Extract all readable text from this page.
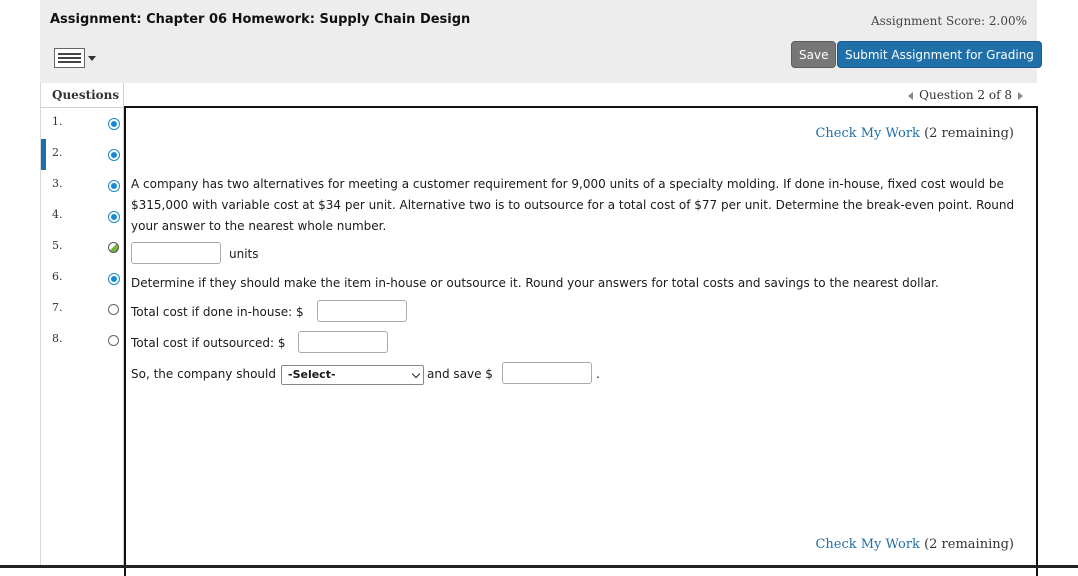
Assignment: Chapter 06 Homework: Supply Chain Design	Assignment Score: 2.00%
Save	Submit Assignment for Grading
Questions
1.
2.
3.
4.
5.
6.
7.
8.
Question 2 of 8
Check My Work (2 remaining)
A company has two alternatives for meeting a customer requirement for 9,000 units of a specialty molding. If done in-house, fixed cost would be $315,000 with variable cost at $34 per unit. Alternative two is to outsource for a total cost of $77 per unit. Determine the break-even point. Round your answer to the nearest whole number.
units
Determine if they should make the item in-house or outsource it. Round your answers for total costs and savings to the nearest dollar.
Total cost if done in-house: $
Total cost if outsourced: $
So, the company should	-Select-	and save $	.
Check My Work (2 remaining)
